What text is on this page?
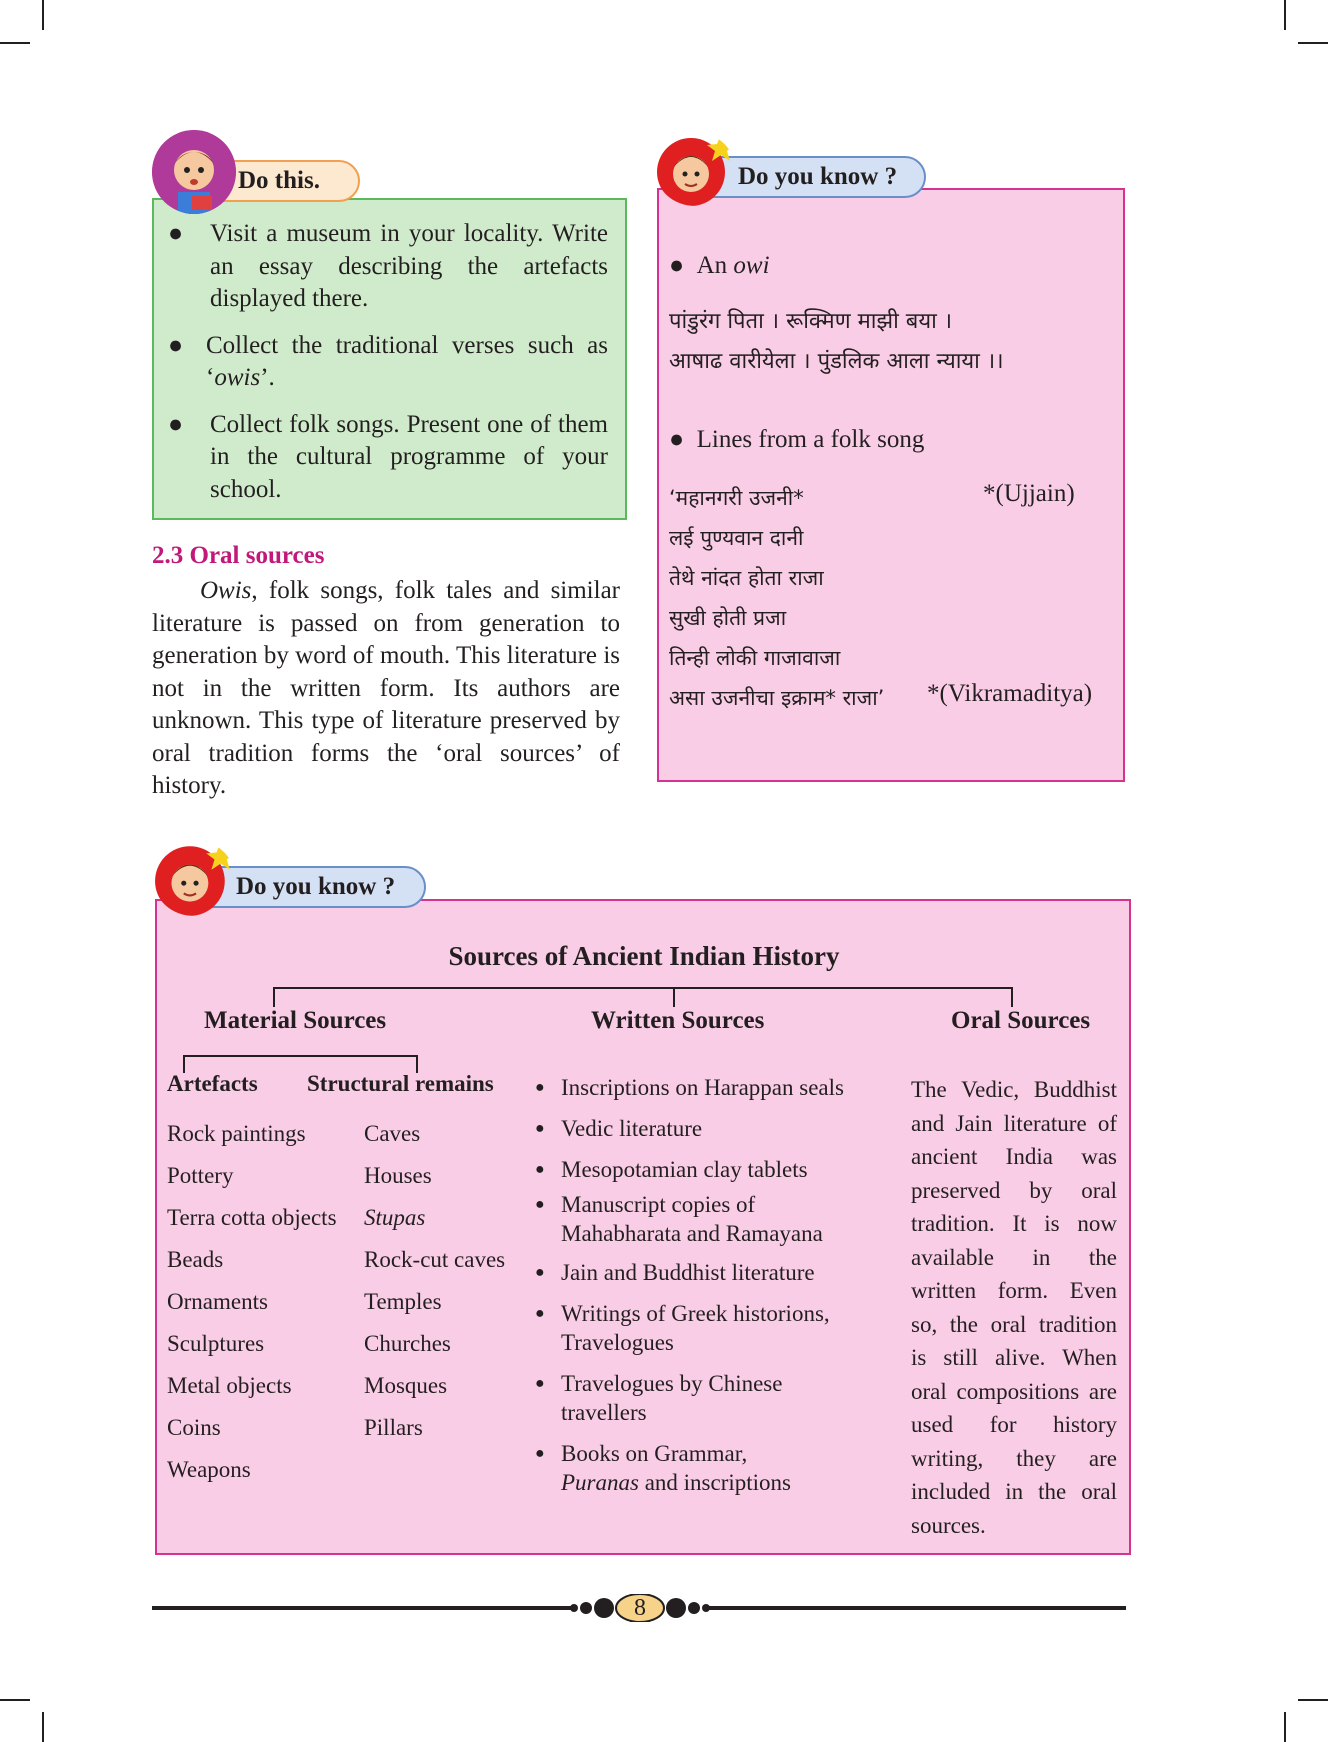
● Visit a museum in your locality. Write an essay describing the artefacts displayed there.
● Collect the traditional verses such as ‘owis’.
● Collect folk songs. Present one of them in the cultural programme of your school.
Do this.
2.3 Oral sources
Owis, folk songs, folk tales and similar literature is passed on from generation to generation by word of mouth. This literature is not in the written form. Its authors are unknown. This type of literature preserved by oral tradition forms the ‘oral sources’ of history.
●  An owi
पांडुरंग पिता । रूक्मिण माझी बया ।
आषाढ वारीयेला । पुंडलिक आला न्याया ।।
●  Lines from a folk song
‘महानगरी उजनी*
लई पुण्यवान दानी
तेथे नांदत होता राजा
सुखी होती प्रजा
तिन्ही लोकी गाजावाजा
असा उजनीचा इक्राम* राजा’
*(Ujjain)
*(Vikramaditya)
Do you know ?
Sources of Ancient Indian History
Material Sources	Written Sources	Oral Sources
Artefacts Structural remains
Rock paintings
Pottery
Terra cotta objects
Beads
Ornaments
Sculptures
Metal objects
Coins
Weapons
Caves
Houses
Stupas
Rock-cut caves
Temples
Churches
Mosques
Pillars
● Inscriptions on Harappan seals
● Vedic literature
● Mesopotamian clay tablets
● Manuscript copies of Mahabharata and Ramayana
● Jain and Buddhist literature
● Writings of Greek historions, Travelogues
● Travelogues by Chinese travellers
● Books on Grammar,
Puranas and inscriptions
The Vedic, Buddhist and Jain literature of ancient India was preserved by oral tradition. It is now available in the written form. Even so, the oral tradition is still alive. When oral compositions are used for history writing, they are included in the oral sources.
Do you know ?
8
